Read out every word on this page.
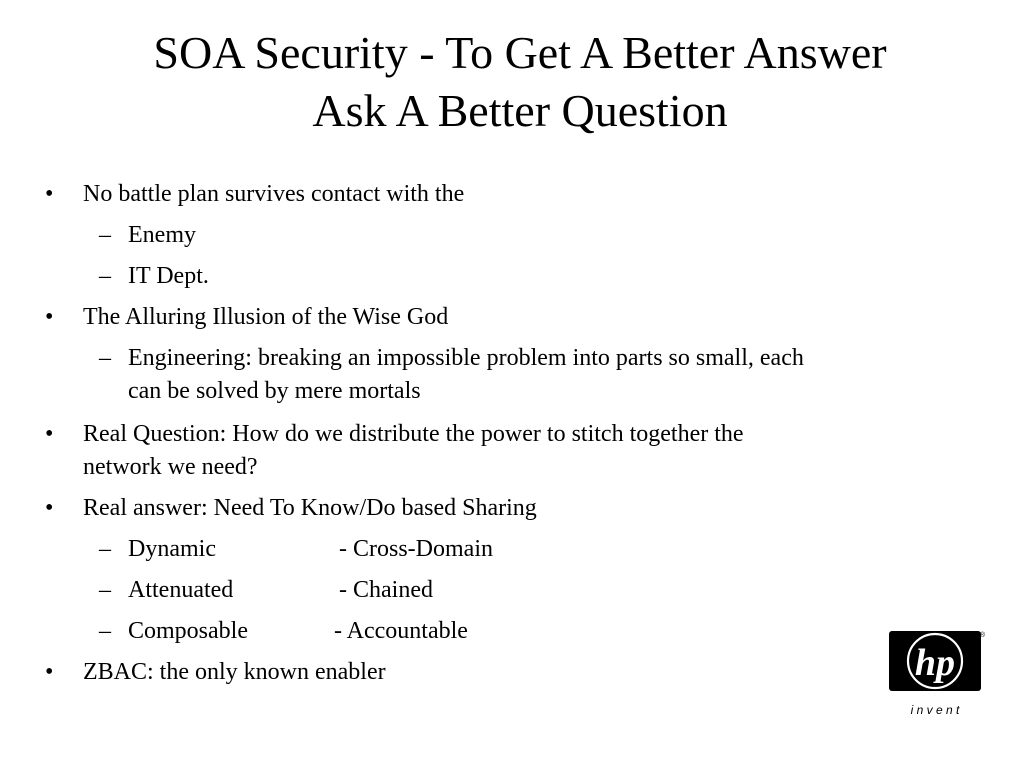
SOA Security - To Get A Better Answer
Ask A Better Question
• No battle plan survives contact with the
– Enemy
– IT Dept.
• The Alluring Illusion of the Wise God
– Engineering: breaking an impossible problem into parts so small, each
can be solved by mere mortals
• Real Question: How do we distribute the power to stitch together the
network we need?
• Real answer: Need To Know/Do based Sharing
– Dynamic	- Cross-Domain
– Attenuated	- Chained
– Composable	- Accountable
• ZBAC: the only known enabler	hp
®
i n v e n t
